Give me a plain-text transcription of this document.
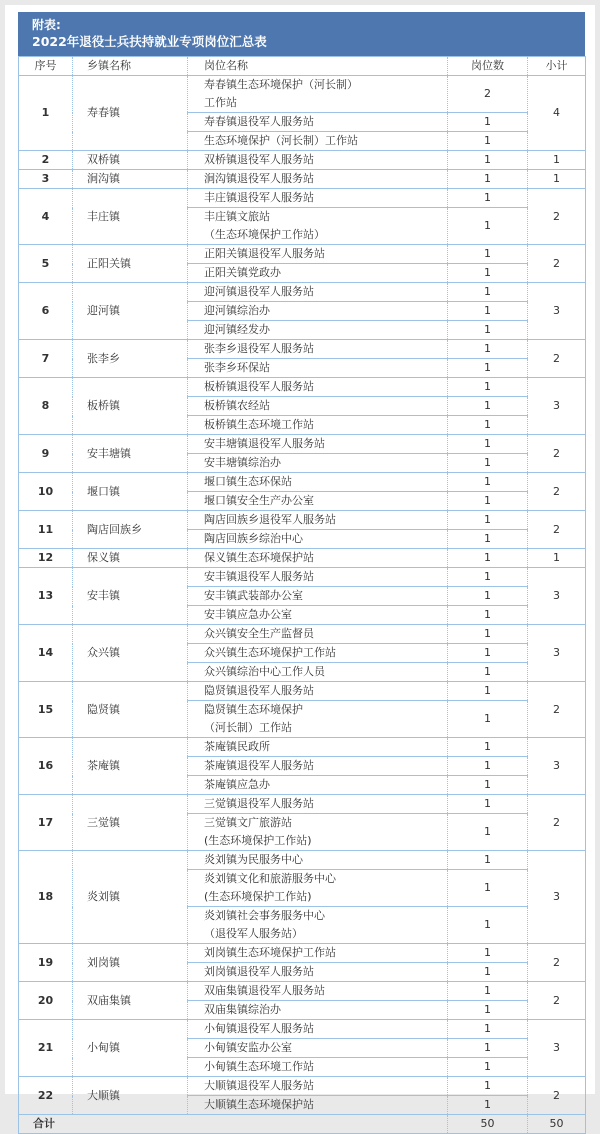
附表:
2022年退役士兵扶持就业专项岗位汇总表
序号	乡镇名称	岗位名称	岗位数	小计
1	寿春镇	寿春镇生态环境保护（河长制）
工作站	2	4

		寿春镇退役军人服务站	1	

		生态环境保护（河长制）工作站	1	
2	双桥镇	双桥镇退役军人服务站	1	1
3	涧沟镇	涧沟镇退役军人服务站	1	1
4	丰庄镇	丰庄镇退役军人服务站	1	2

		丰庄镇文旅站
（生态环境保护工作站）	1	
5	正阳关镇	正阳关镇退役军人服务站	1	2

		正阳关镇党政办	1	
6	迎河镇	迎河镇退役军人服务站	1	3

		迎河镇综治办	1	

		迎河镇经发办	1	
7	张李乡	张李乡退役军人服务站	1	2

		张李乡环保站	1	
8	板桥镇	板桥镇退役军人服务站	1	3

		板桥镇农经站	1	

		板桥镇生态环境工作站	1	
9	安丰塘镇	安丰塘镇退役军人服务站	1	2

		安丰塘镇综治办	1	
10	堰口镇	堰口镇生态环保站	1	2

		堰口镇安全生产办公室	1	
11	陶店回族乡	陶店回族乡退役军人服务站	1	2

		陶店回族乡综治中心	1	
12	保义镇	保义镇生态环境保护站	1	1
13	安丰镇	安丰镇退役军人服务站	1	3

		安丰镇武装部办公室	1	

		安丰镇应急办公室	1	
14	众兴镇	众兴镇安全生产监督员	1	3

		众兴镇生态环境保护工作站	1	

		众兴镇综治中心工作人员	1	
15	隐贤镇	隐贤镇退役军人服务站	1	2

		隐贤镇生态环境保护
（河长制）工作站	1	
16	茶庵镇	茶庵镇民政所	1	3

		茶庵镇退役军人服务站	1	

		茶庵镇应急办	1	
17	三觉镇	三觉镇退役军人服务站	1	2

		三觉镇文广旅游站
(生态环境保护工作站)	1	
18	炎刘镇	炎刘镇为民服务中心	1	3

		炎刘镇文化和旅游服务中心
(生态环境保护工作站)	1	

		炎刘镇社会事务服务中心
（退役军人服务站）	1	
19	刘岗镇	刘岗镇生态环境保护工作站	1	2

		刘岗镇退役军人服务站	1	
20	双庙集镇	双庙集镇退役军人服务站	1	2

		双庙集镇综治办	1	
21	小甸镇	小甸镇退役军人服务站	1	3

		小甸镇安监办公室	1	

		小甸镇生态环境工作站	1	
22	大顺镇	大顺镇退役军人服务站	1	2

		大顺镇生态环境保护站	1	
合计			50	50
